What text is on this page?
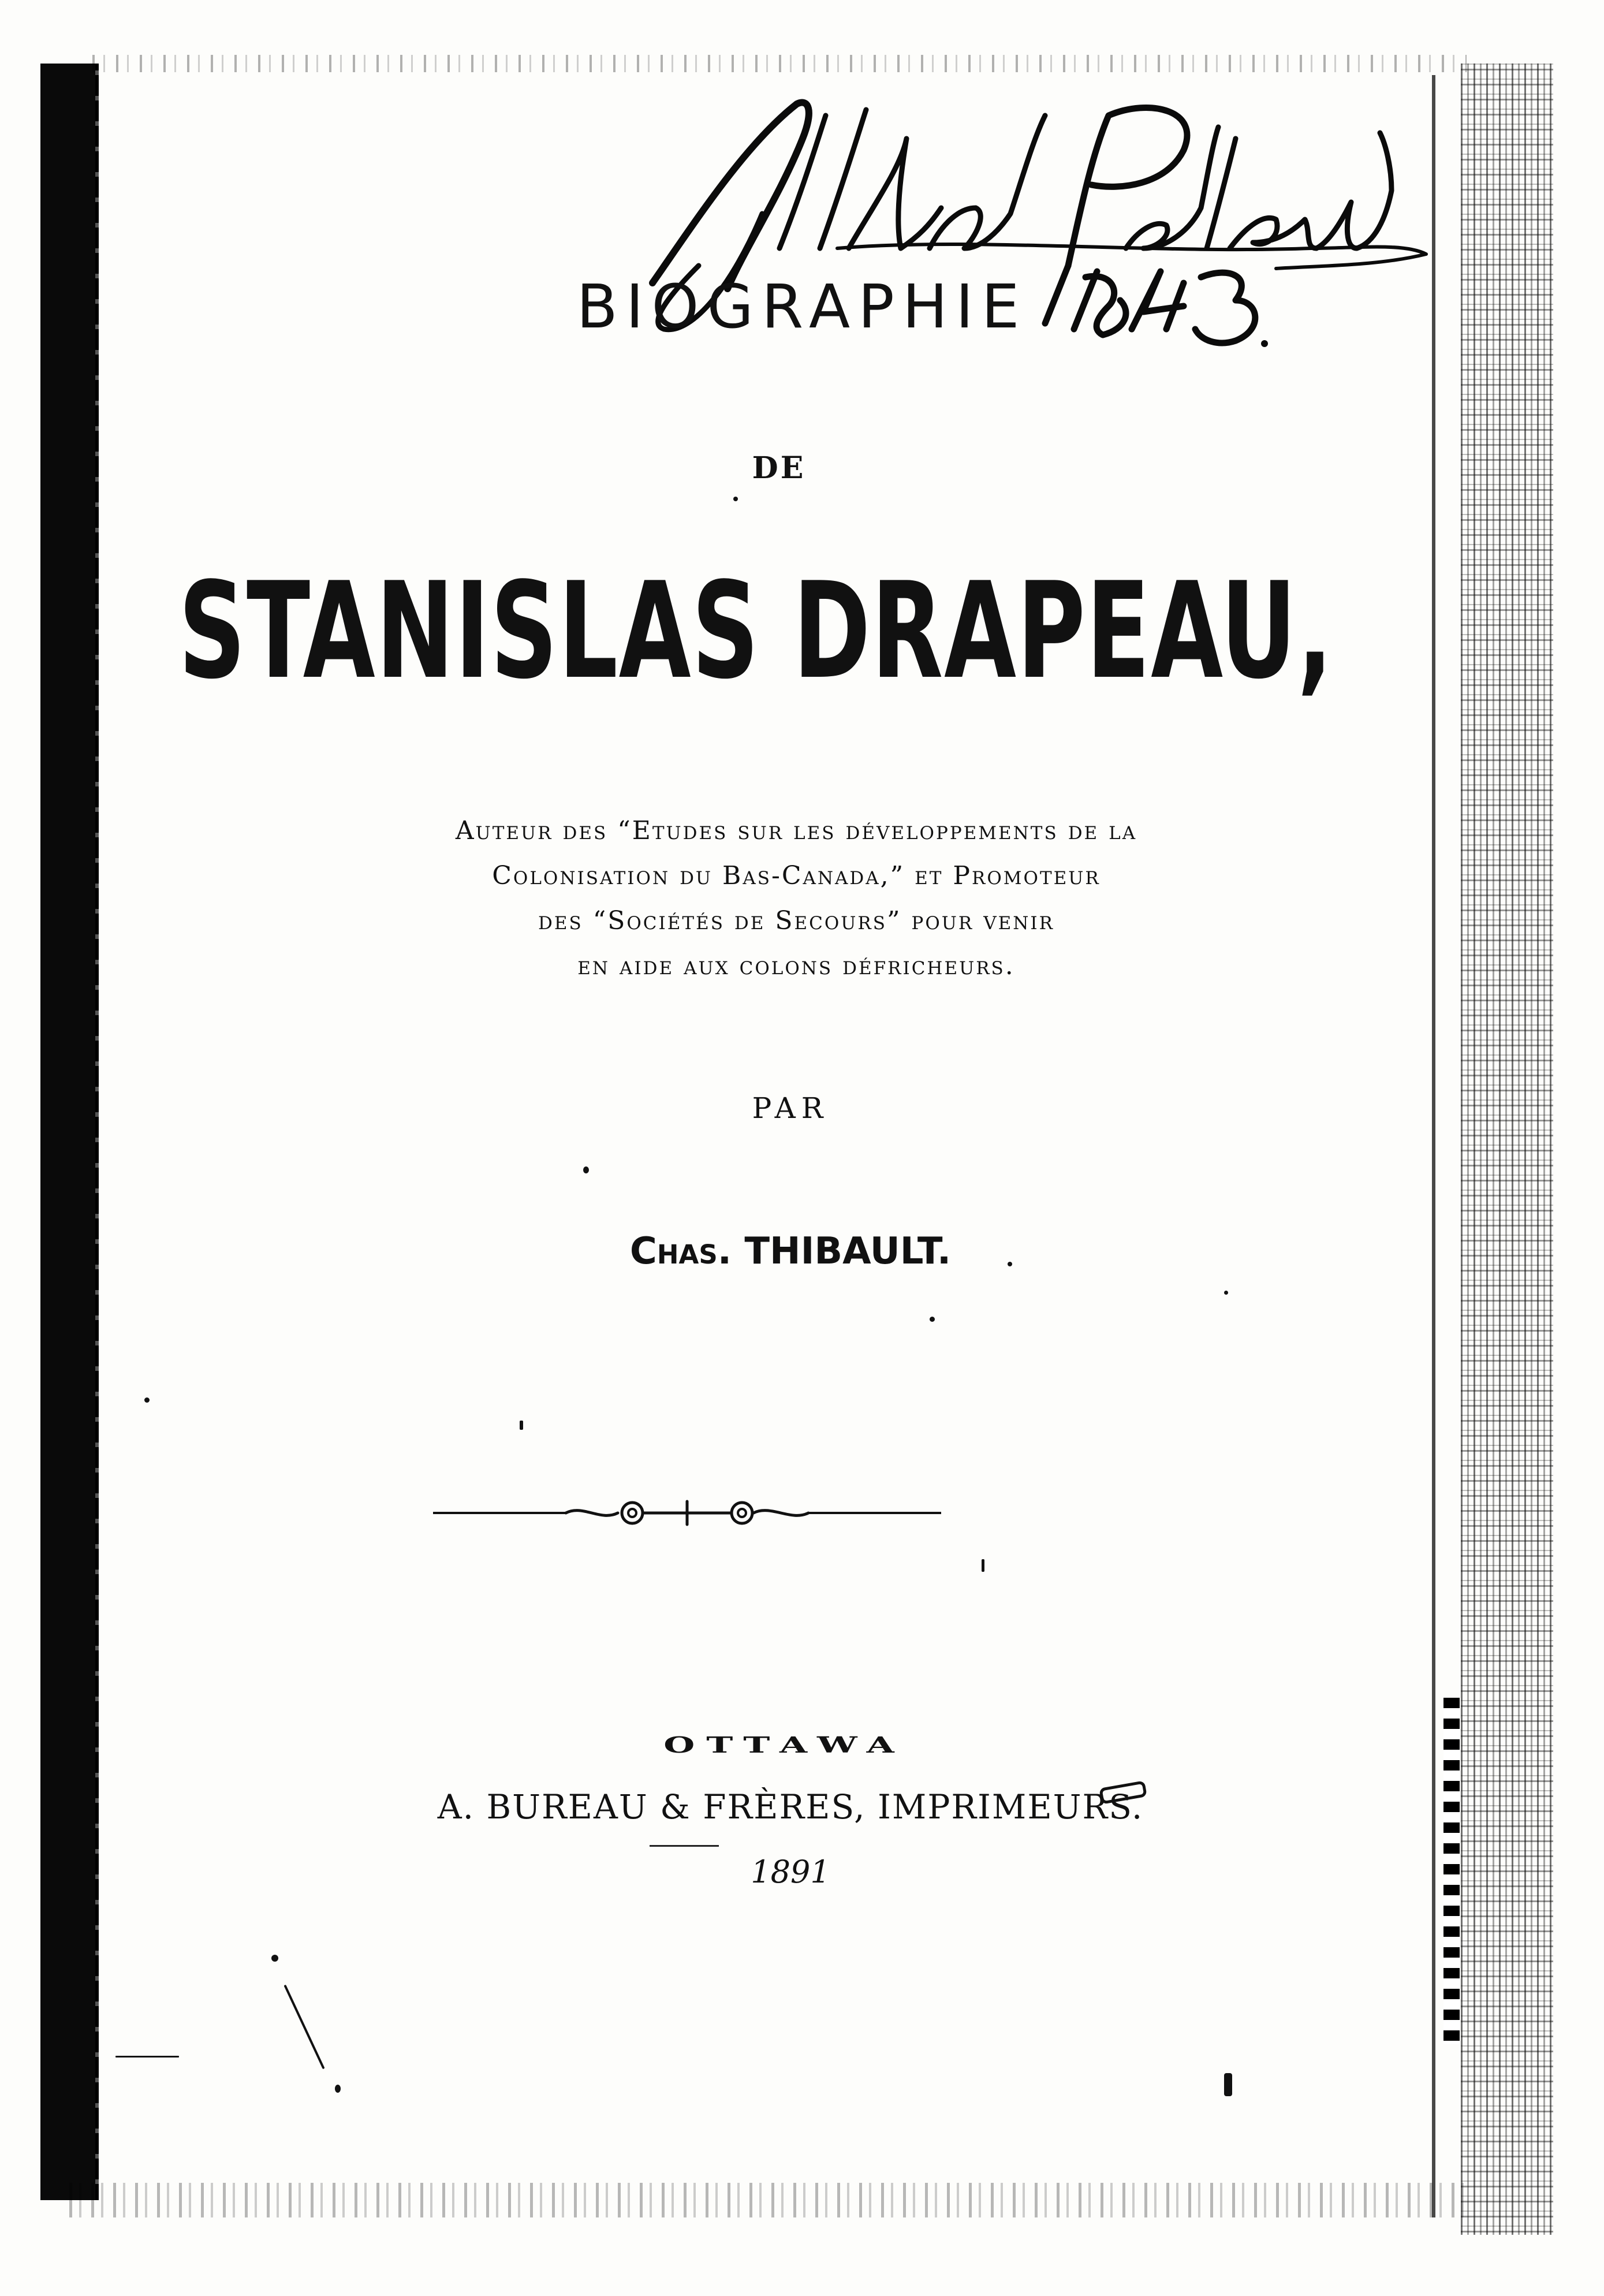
BIOGRAPHIE
DE
STANISLAS DRAPEAU,
Auteur des “Etudes sur les développements de la
Colonisation du Bas-Canada,” et Promoteur
des “Sociétés de Secours” pour venir
en aide aux colons défricheurs.
PAR
Chas. THIBAULT.
OTTAWA
A. BUREAU & FRÈRES, IMPRIMEURS.
1891
